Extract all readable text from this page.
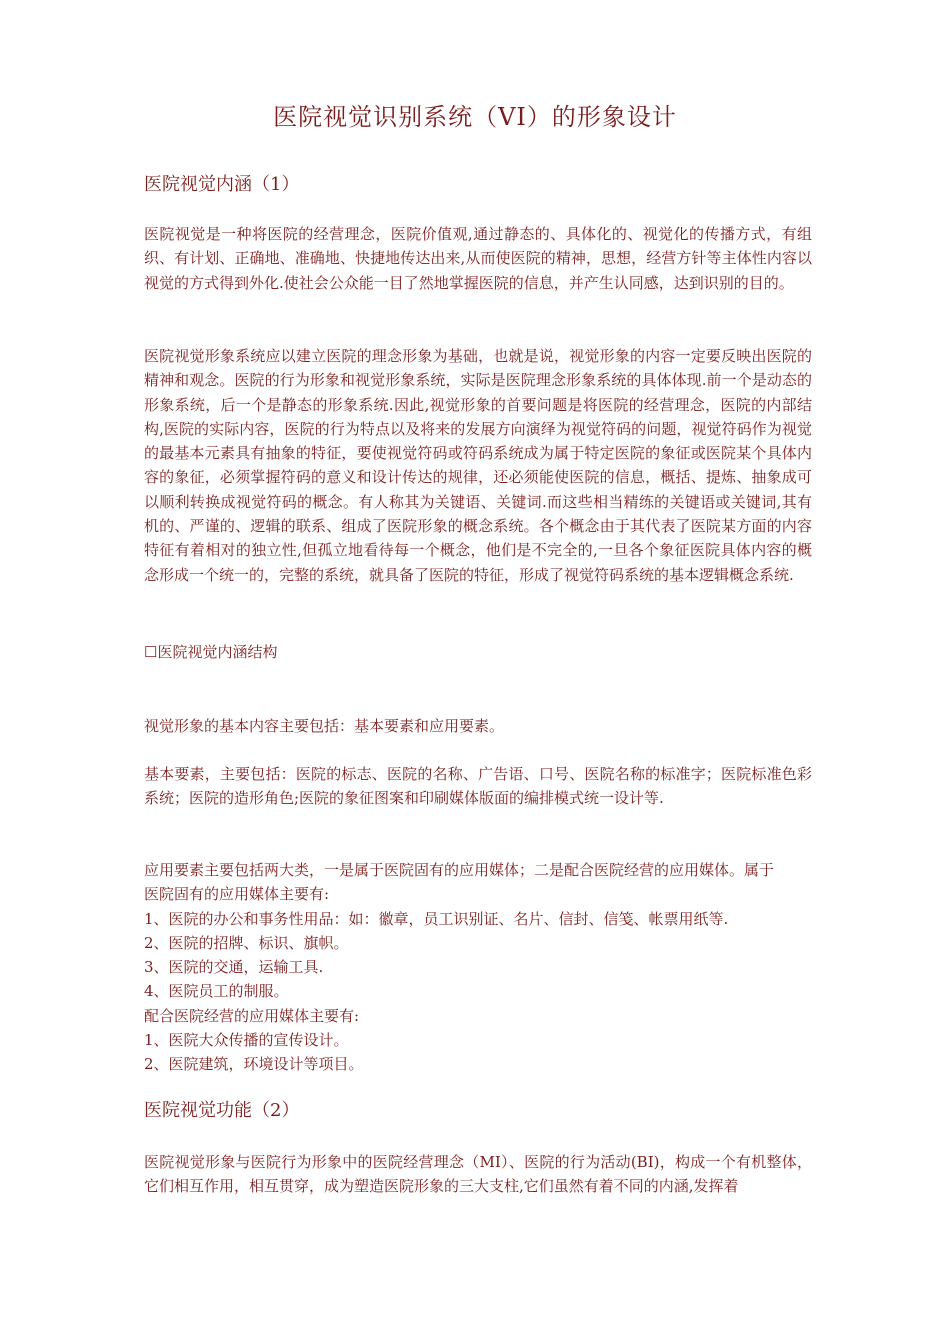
医院视觉识别系统（VI）的形象设计
医院视觉内涵（1）
医院视觉是一种将医院的经营理念，医院价值观,通过静态的、具体化的、视觉化的传播方式，有组织、有计划、正确地、准确地、快捷地传达出来,从而使医院的精神，思想，经营方针等主体性内容以视觉的方式得到外化.使社会公众能一目了然地掌握医院的信息，并产生认同感，达到识别的目的。
医院视觉形象系统应以建立医院的理念形象为基础，也就是说，视觉形象的内容一定要反映出医院的精神和观念。医院的行为形象和视觉形象系统，实际是医院理念形象系统的具体体现.前一个是动态的形象系统，后一个是静态的形象系统.因此,视觉形象的首要问题是将医院的经营理念，医院的内部结构,医院的实际内容，医院的行为特点以及将来的发展方向演绎为视觉符码的问题，视觉符码作为视觉的最基本元素具有抽象的特征，要使视觉符码或符码系统成为属于特定医院的象征或医院某个具体内容的象征，必须掌握符码的意义和设计传达的规律，还必须能使医院的信息，概括、提炼、抽象成可以顺利转换成视觉符码的概念。有人称其为关键语、关键词.而这些相当精练的关键语或关键词,其有机的、严谨的、逻辑的联系、组成了医院形象的概念系统。各个概念由于其代表了医院某方面的内容特征有着相对的独立性,但孤立地看待每一个概念，他们是不完全的,一旦各个象征医院具体内容的概念形成一个统一的，完整的系统，就具备了医院的特征，形成了视觉符码系统的基本逻辑概念系统.
☐医院视觉内涵结构
视觉形象的基本内容主要包括：基本要素和应用要素。
基本要素，主要包括：医院的标志、医院的名称、广告语、口号、医院名称的标准字；医院标准色彩系统；医院的造形角色;医院的象征图案和印刷媒体版面的编排模式统一设计等.
应用要素主要包括两大类，一是属于医院固有的应用媒体；二是配合医院经营的应用媒体。属于
医院固有的应用媒体主要有:
1、医院的办公和事务性用品：如：徽章，员工识别证、名片、信封、信笺、帐票用纸等.
2、医院的招牌、标识、旗帜。
3、医院的交通，运输工具.
4、医院员工的制服。
配合医院经营的应用媒体主要有:
1、医院大众传播的宣传设计。
2、医院建筑，环境设计等项目。
医院视觉功能（2）
医院视觉形象与医院行为形象中的医院经营理念（MI）、医院的行为活动(BI)，构成一个有机整体，它们相互作用，相互贯穿，成为塑造医院形象的三大支柱,它们虽然有着不同的内涵,发挥着
